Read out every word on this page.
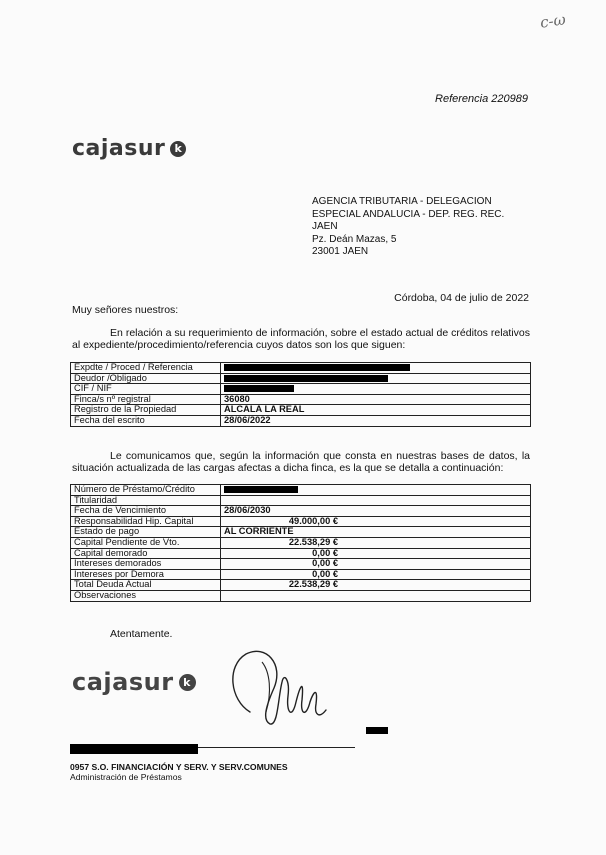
c-ω
Referencia 220989
cajasur k
AGENCIA TRIBUTARIA - DELEGACION
ESPECIAL ANDALUCIA - DEP. REG. REC.
JAEN
Pz. Deán Mazas, 5
23001 JAEN
Córdoba, 04 de julio de 2022
Muy señores nuestros:
En relación a su requerimiento de información, sobre el estado actual de créditos relativos al expediente/procedimiento/referencia cuyos datos son los que siguen:
Expdte / Proced / Referencia	
Deudor /Obligado	
CIF / NIF	
Finca/s nº registral	36080
Registro de la Propiedad	ALCALA LA REAL
Fecha del escrito	28/06/2022
Le comunicamos que, según la información que consta en nuestras bases de datos, la situación actualizada de las cargas afectas a dicha finca, es la que se detalla a continuación:
Número de Préstamo/Crédito	
Titularidad	
Fecha de Vencimiento	28/06/2030
Responsabilidad Hip. Capital	49.000,00 €
Estado de pago	AL CORRIENTE
Capital Pendiente de Vto.	22.538,29 €
Capital demorado	0,00 €
Intereses demorados	0,00 €
Intereses por Demora	0,00 €
Total Deuda Actual	22.538,29 €
Observaciones	
Atentamente.
cajasur k
0957 S.O. FINANCIACIÓN Y SERV. Y SERV.COMUNES
Administración de Préstamos
